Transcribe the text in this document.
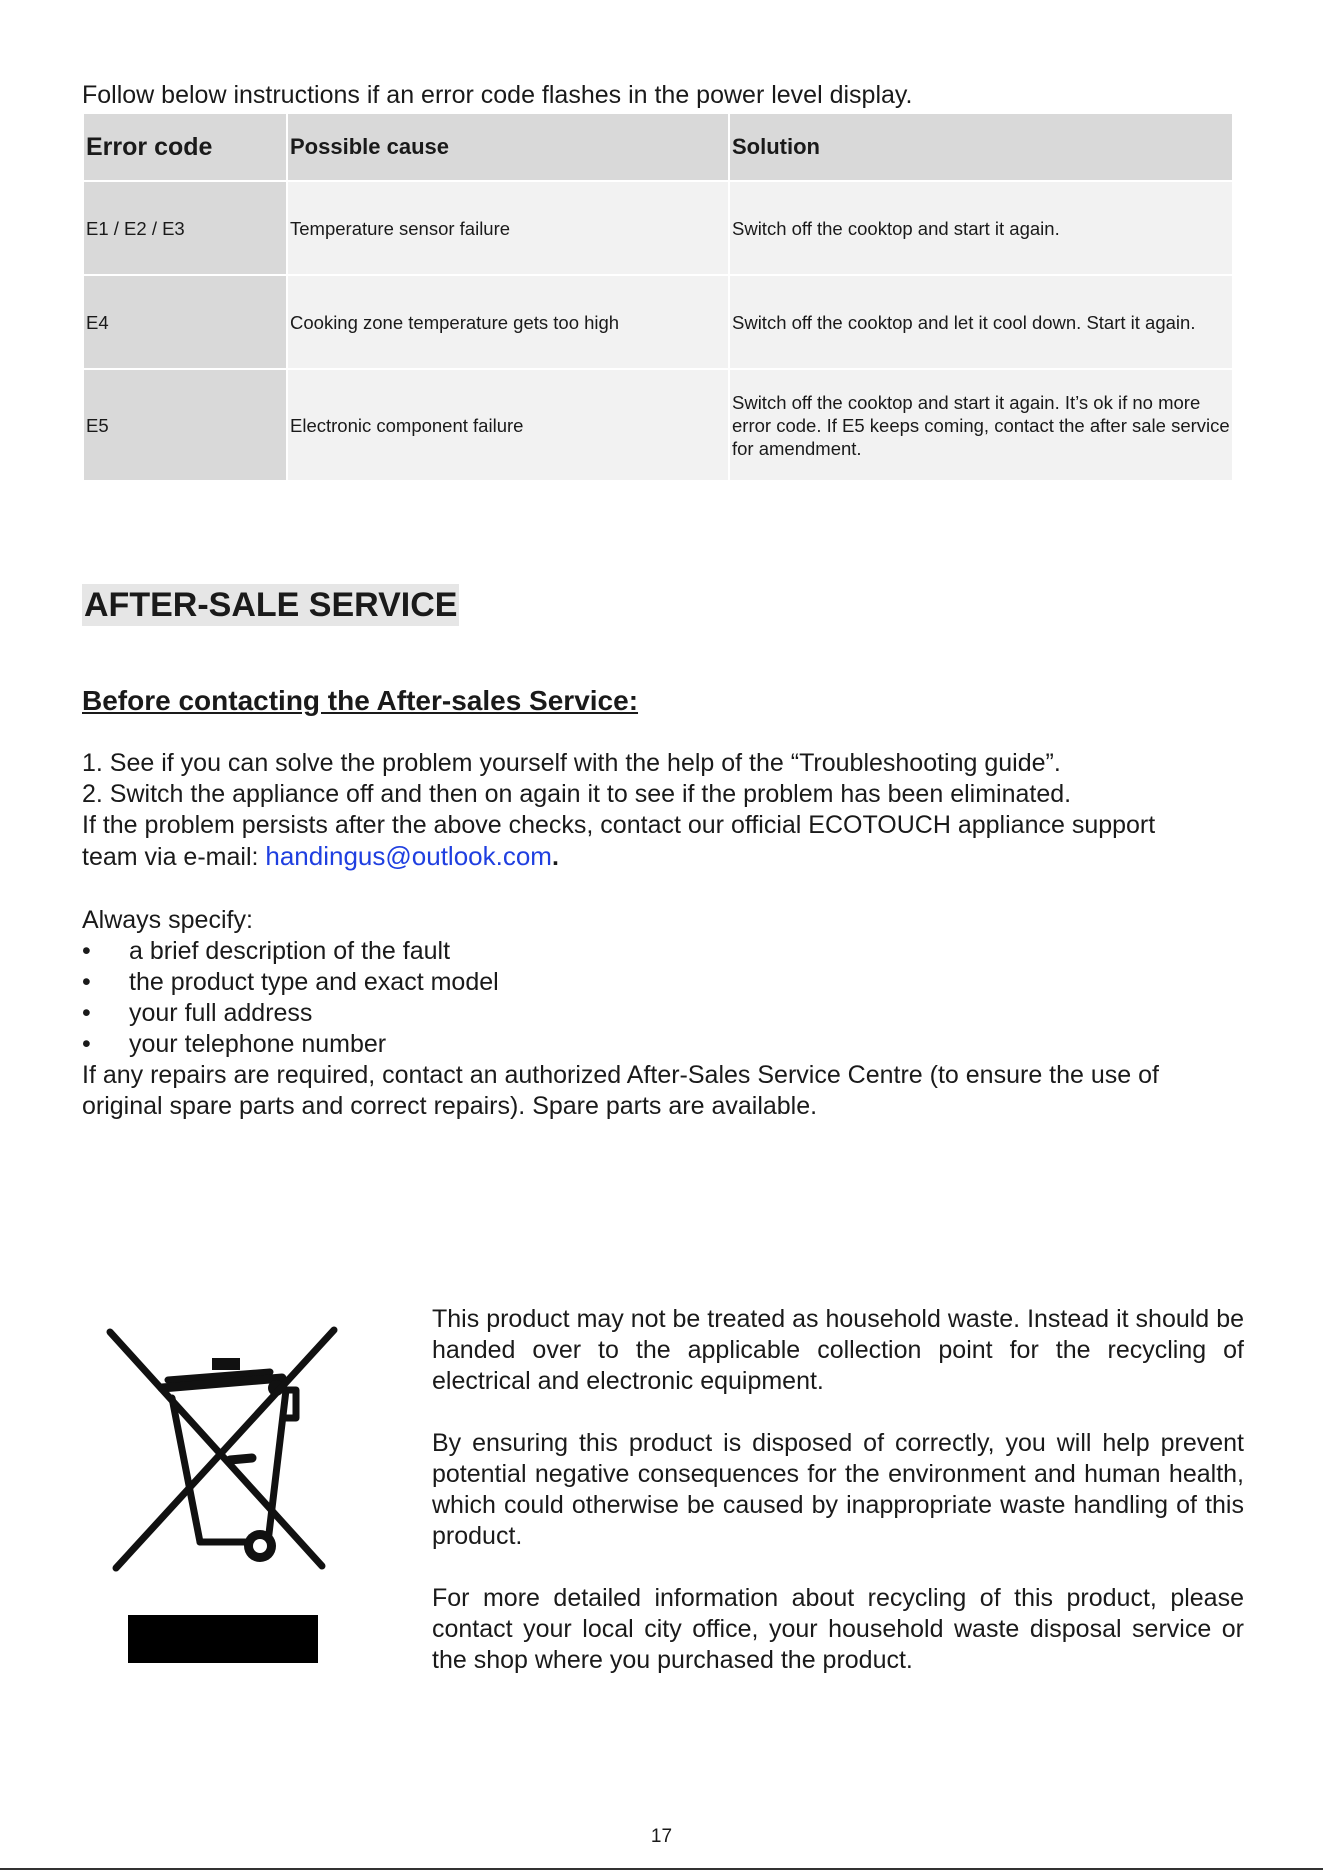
Follow below instructions if an error code flashes in the power level display.
Error code	Possible cause	Solution
E1 / E2 / E3	Temperature sensor failure	Switch off the cooktop and start it again.
E4	Cooking zone temperature gets too high	Switch off the cooktop and let it cool down. Start it again.
E5	Electronic component failure	Switch off the cooktop and start it again. It’s ok if no more error code. If E5 keeps coming, contact the after sale service for amendment.
AFTER-SALE SERVICE
Before contacting the After-sales Service:
1. See if you can solve the problem yourself with the help of the “Troubleshooting guide”.
2. Switch the appliance off and then on again it to see if the problem has been eliminated.
If the problem persists after the above checks, contact our official ECOTOUCH appliance support
team via e-mail: handingus@outlook.com.
Always specify:
• a brief description of the fault
• the product type and exact model
• your full address
• your telephone number
If any repairs are required, contact an authorized After-Sales Service Centre (to ensure the use of original spare parts and correct repairs). Spare parts are available.

This product may not be treated as household waste. Instead it should be handed over to the applicable collection point for the recycling of electrical and electronic equipment.

By ensuring this product is disposed of correctly, you will help prevent potential negative consequences for the environment and human health, which could otherwise be caused by inappropriate waste handling of this product.

For more detailed information about recycling of this product, please contact your local city office, your household waste disposal service or the shop where you purchased the product.

17
